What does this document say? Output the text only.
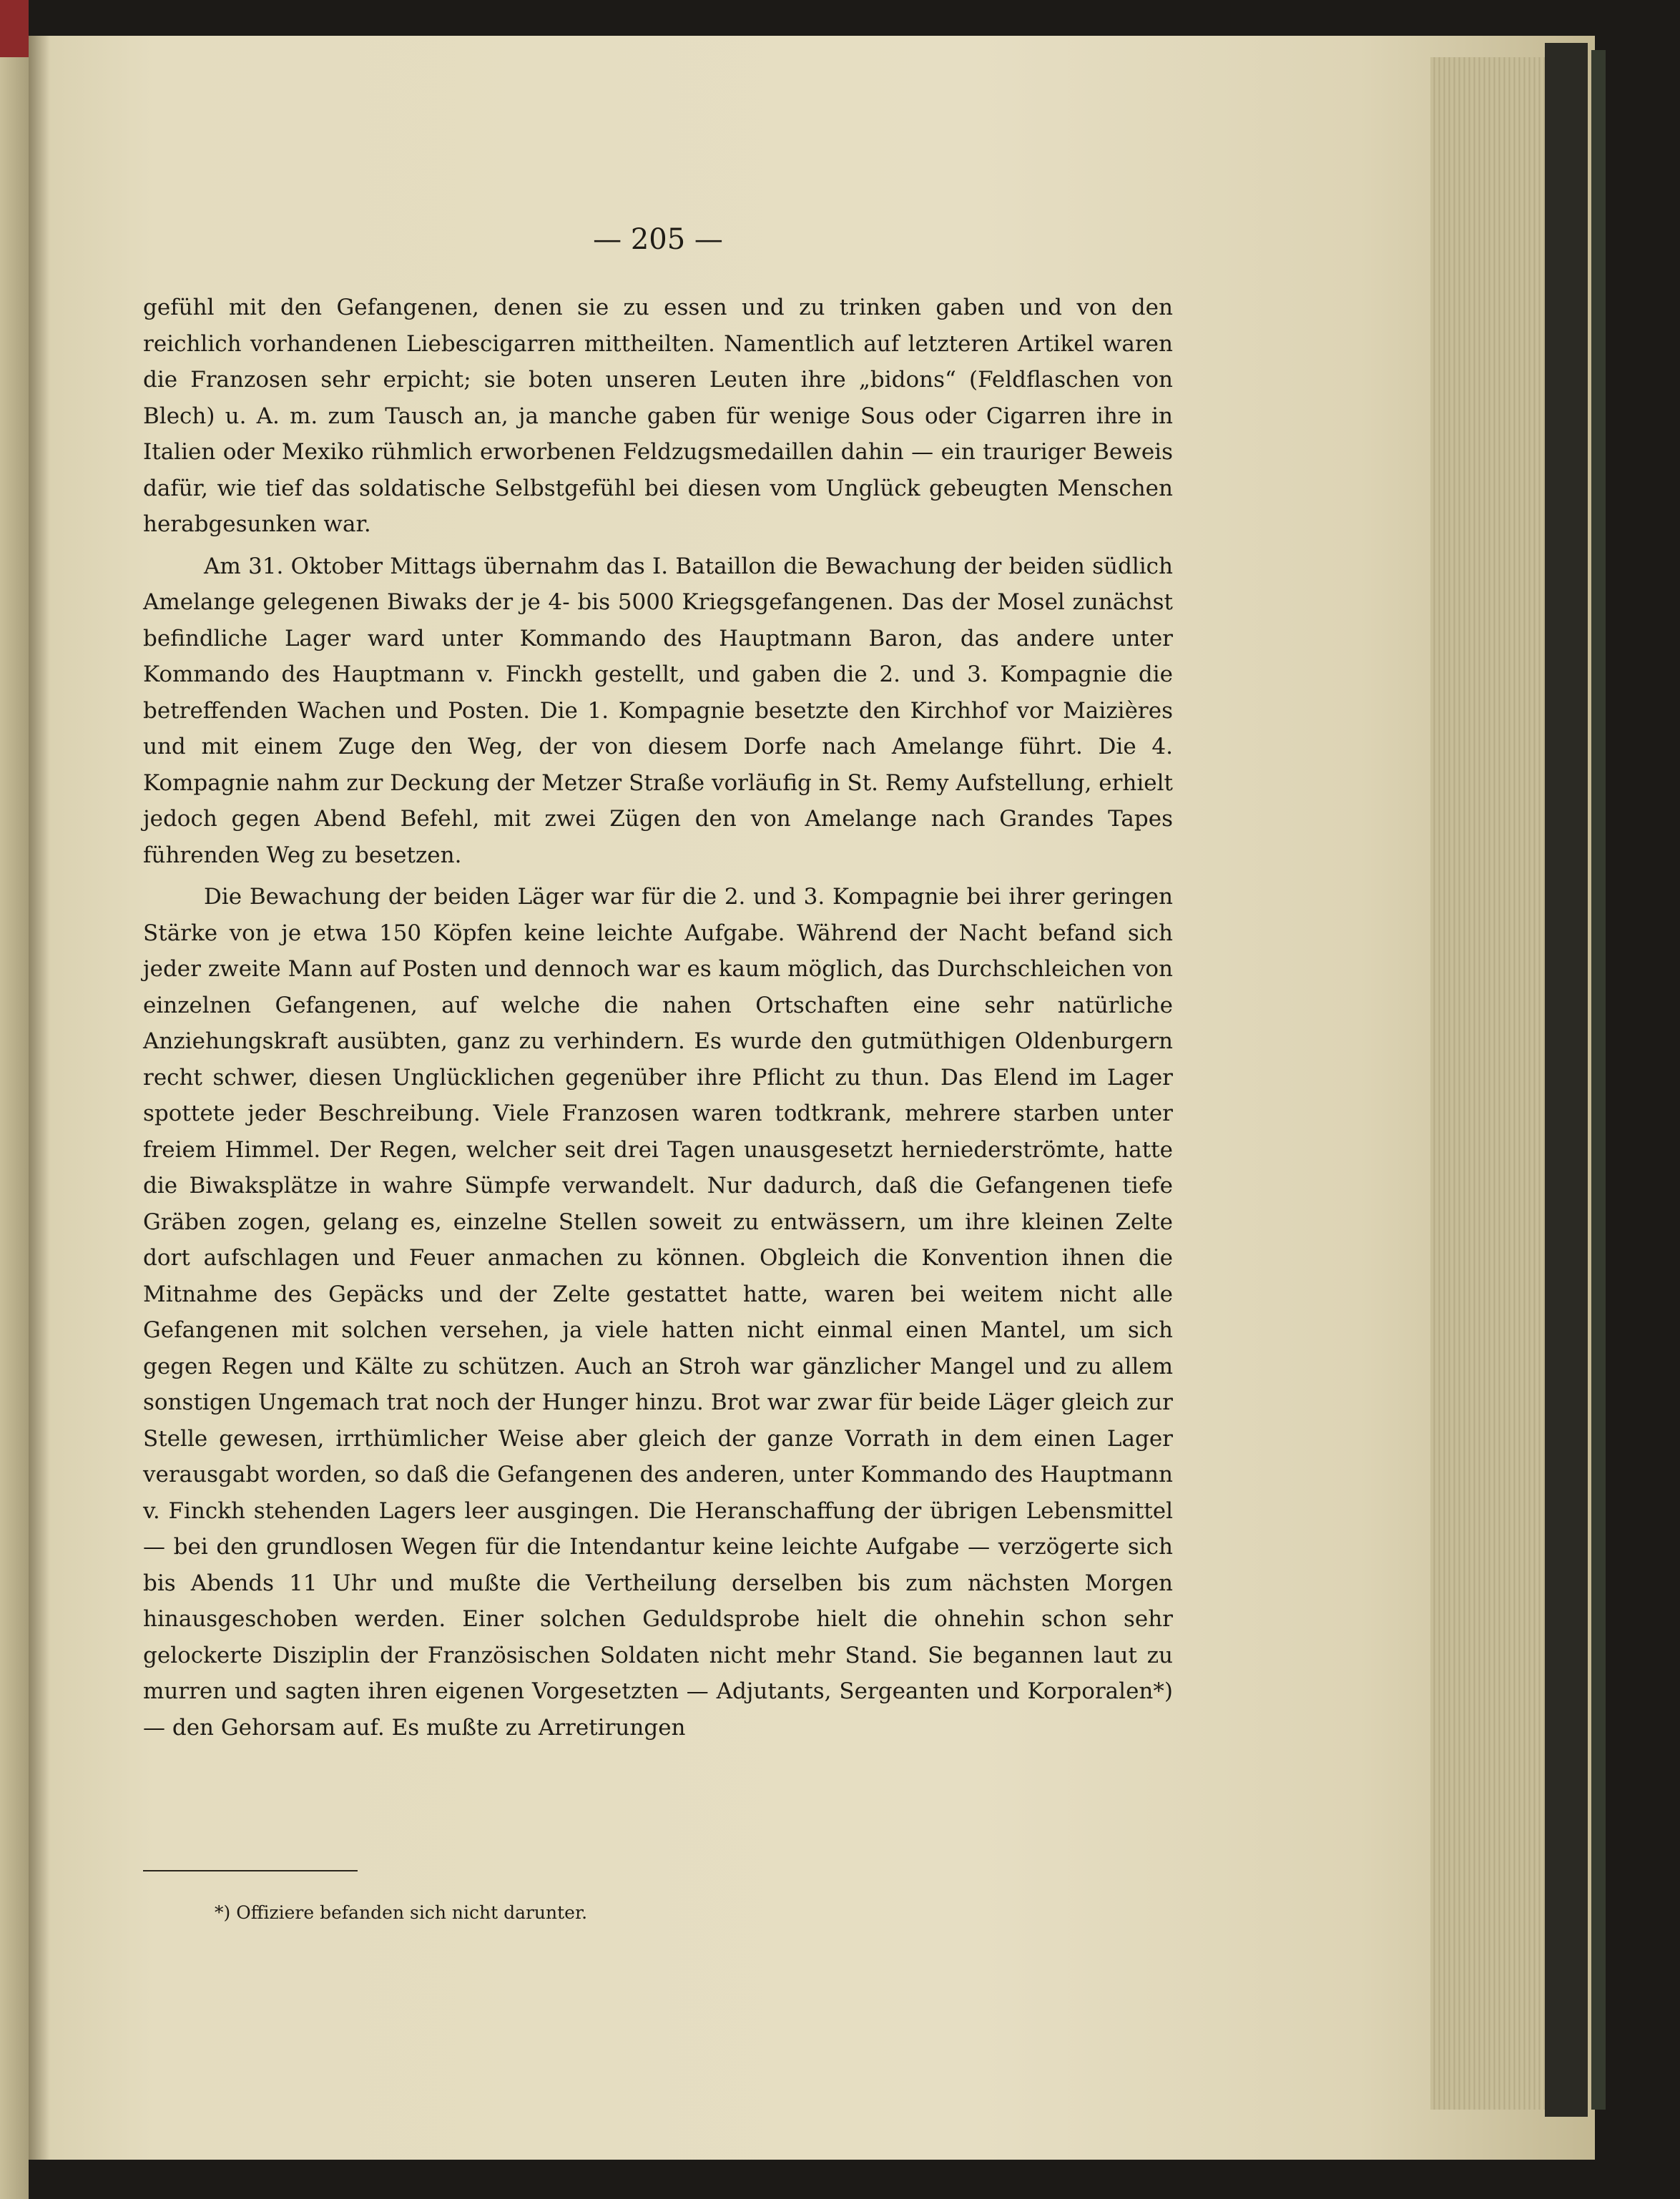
— 205 —

gefühl mit den Gefangenen, denen sie zu essen und zu trinken gaben und von den reichlich vorhandenen Liebescigarren mittheilten. Namentlich auf letzteren Artikel waren die Franzosen sehr erpicht; sie boten unseren Leuten ihre „bidons“ (Feldflaschen von Blech) u. A. m. zum Tausch an, ja manche gaben für wenige Sous oder Cigarren ihre in Italien oder Mexiko rühmlich erworbenen Feldzugsmedaillen dahin — ein trauriger Beweis dafür, wie tief das soldatische Selbstgefühl bei diesen vom Unglück gebeugten Menschen herabgesunken war.

Am 31. Oktober Mittags übernahm das I. Bataillon die Bewachung der beiden südlich Amelange gelegenen Biwaks der je 4- bis 5000 Kriegsgefangenen. Das der Mosel zunächst befindliche Lager ward unter Kommando des Hauptmann Baron, das andere unter Kommando des Hauptmann v. Finckh gestellt, und gaben die 2. und 3. Kompagnie die betreffenden Wachen und Posten. Die 1. Kompagnie besetzte den Kirchhof vor Maizières und mit einem Zuge den Weg, der von diesem Dorfe nach Amelange führt. Die 4. Kompagnie nahm zur Deckung der Metzer Straße vorläufig in St. Remy Aufstellung, erhielt jedoch gegen Abend Befehl, mit zwei Zügen den von Amelange nach Grandes Tapes führenden Weg zu besetzen.

Die Bewachung der beiden Läger war für die 2. und 3. Kompagnie bei ihrer geringen Stärke von je etwa 150 Köpfen keine leichte Aufgabe. Während der Nacht befand sich jeder zweite Mann auf Posten und dennoch war es kaum möglich, das Durchschleichen von einzelnen Gefangenen, auf welche die nahen Ortschaften eine sehr natürliche Anziehungskraft ausübten, ganz zu verhindern. Es wurde den gutmüthigen Oldenburgern recht schwer, diesen Unglücklichen gegenüber ihre Pflicht zu thun. Das Elend im Lager spottete jeder Beschreibung. Viele Franzosen waren todtkrank, mehrere starben unter freiem Himmel. Der Regen, welcher seit drei Tagen unausgesetzt herniederströmte, hatte die Biwaksplätze in wahre Sümpfe verwandelt. Nur dadurch, daß die Gefangenen tiefe Gräben zogen, gelang es, einzelne Stellen soweit zu entwässern, um ihre kleinen Zelte dort aufschlagen und Feuer anmachen zu können. Obgleich die Konvention ihnen die Mitnahme des Gepäcks und der Zelte gestattet hatte, waren bei weitem nicht alle Gefangenen mit solchen versehen, ja viele hatten nicht einmal einen Mantel, um sich gegen Regen und Kälte zu schützen. Auch an Stroh war gänzlicher Mangel und zu allem sonstigen Ungemach trat noch der Hunger hinzu. Brot war zwar für beide Läger gleich zur Stelle gewesen, irrthümlicher Weise aber gleich der ganze Vorrath in dem einen Lager verausgabt worden, so daß die Gefangenen des anderen, unter Kommando des Hauptmann v. Finckh stehenden Lagers leer ausgingen. Die Heranschaffung der übrigen Lebensmittel — bei den grundlosen Wegen für die Intendantur keine leichte Aufgabe — verzögerte sich bis Abends 11 Uhr und mußte die Vertheilung derselben bis zum nächsten Morgen hinausgeschoben werden. Einer solchen Geduldsprobe hielt die ohnehin schon sehr gelockerte Disziplin der Französischen Soldaten nicht mehr Stand. Sie begannen laut zu murren und sagten ihren eigenen Vorgesetzten — Adjutants, Sergeanten und Korporalen*) — den Gehorsam auf. Es mußte zu Arretirungen

*) Offiziere befanden sich nicht darunter.
